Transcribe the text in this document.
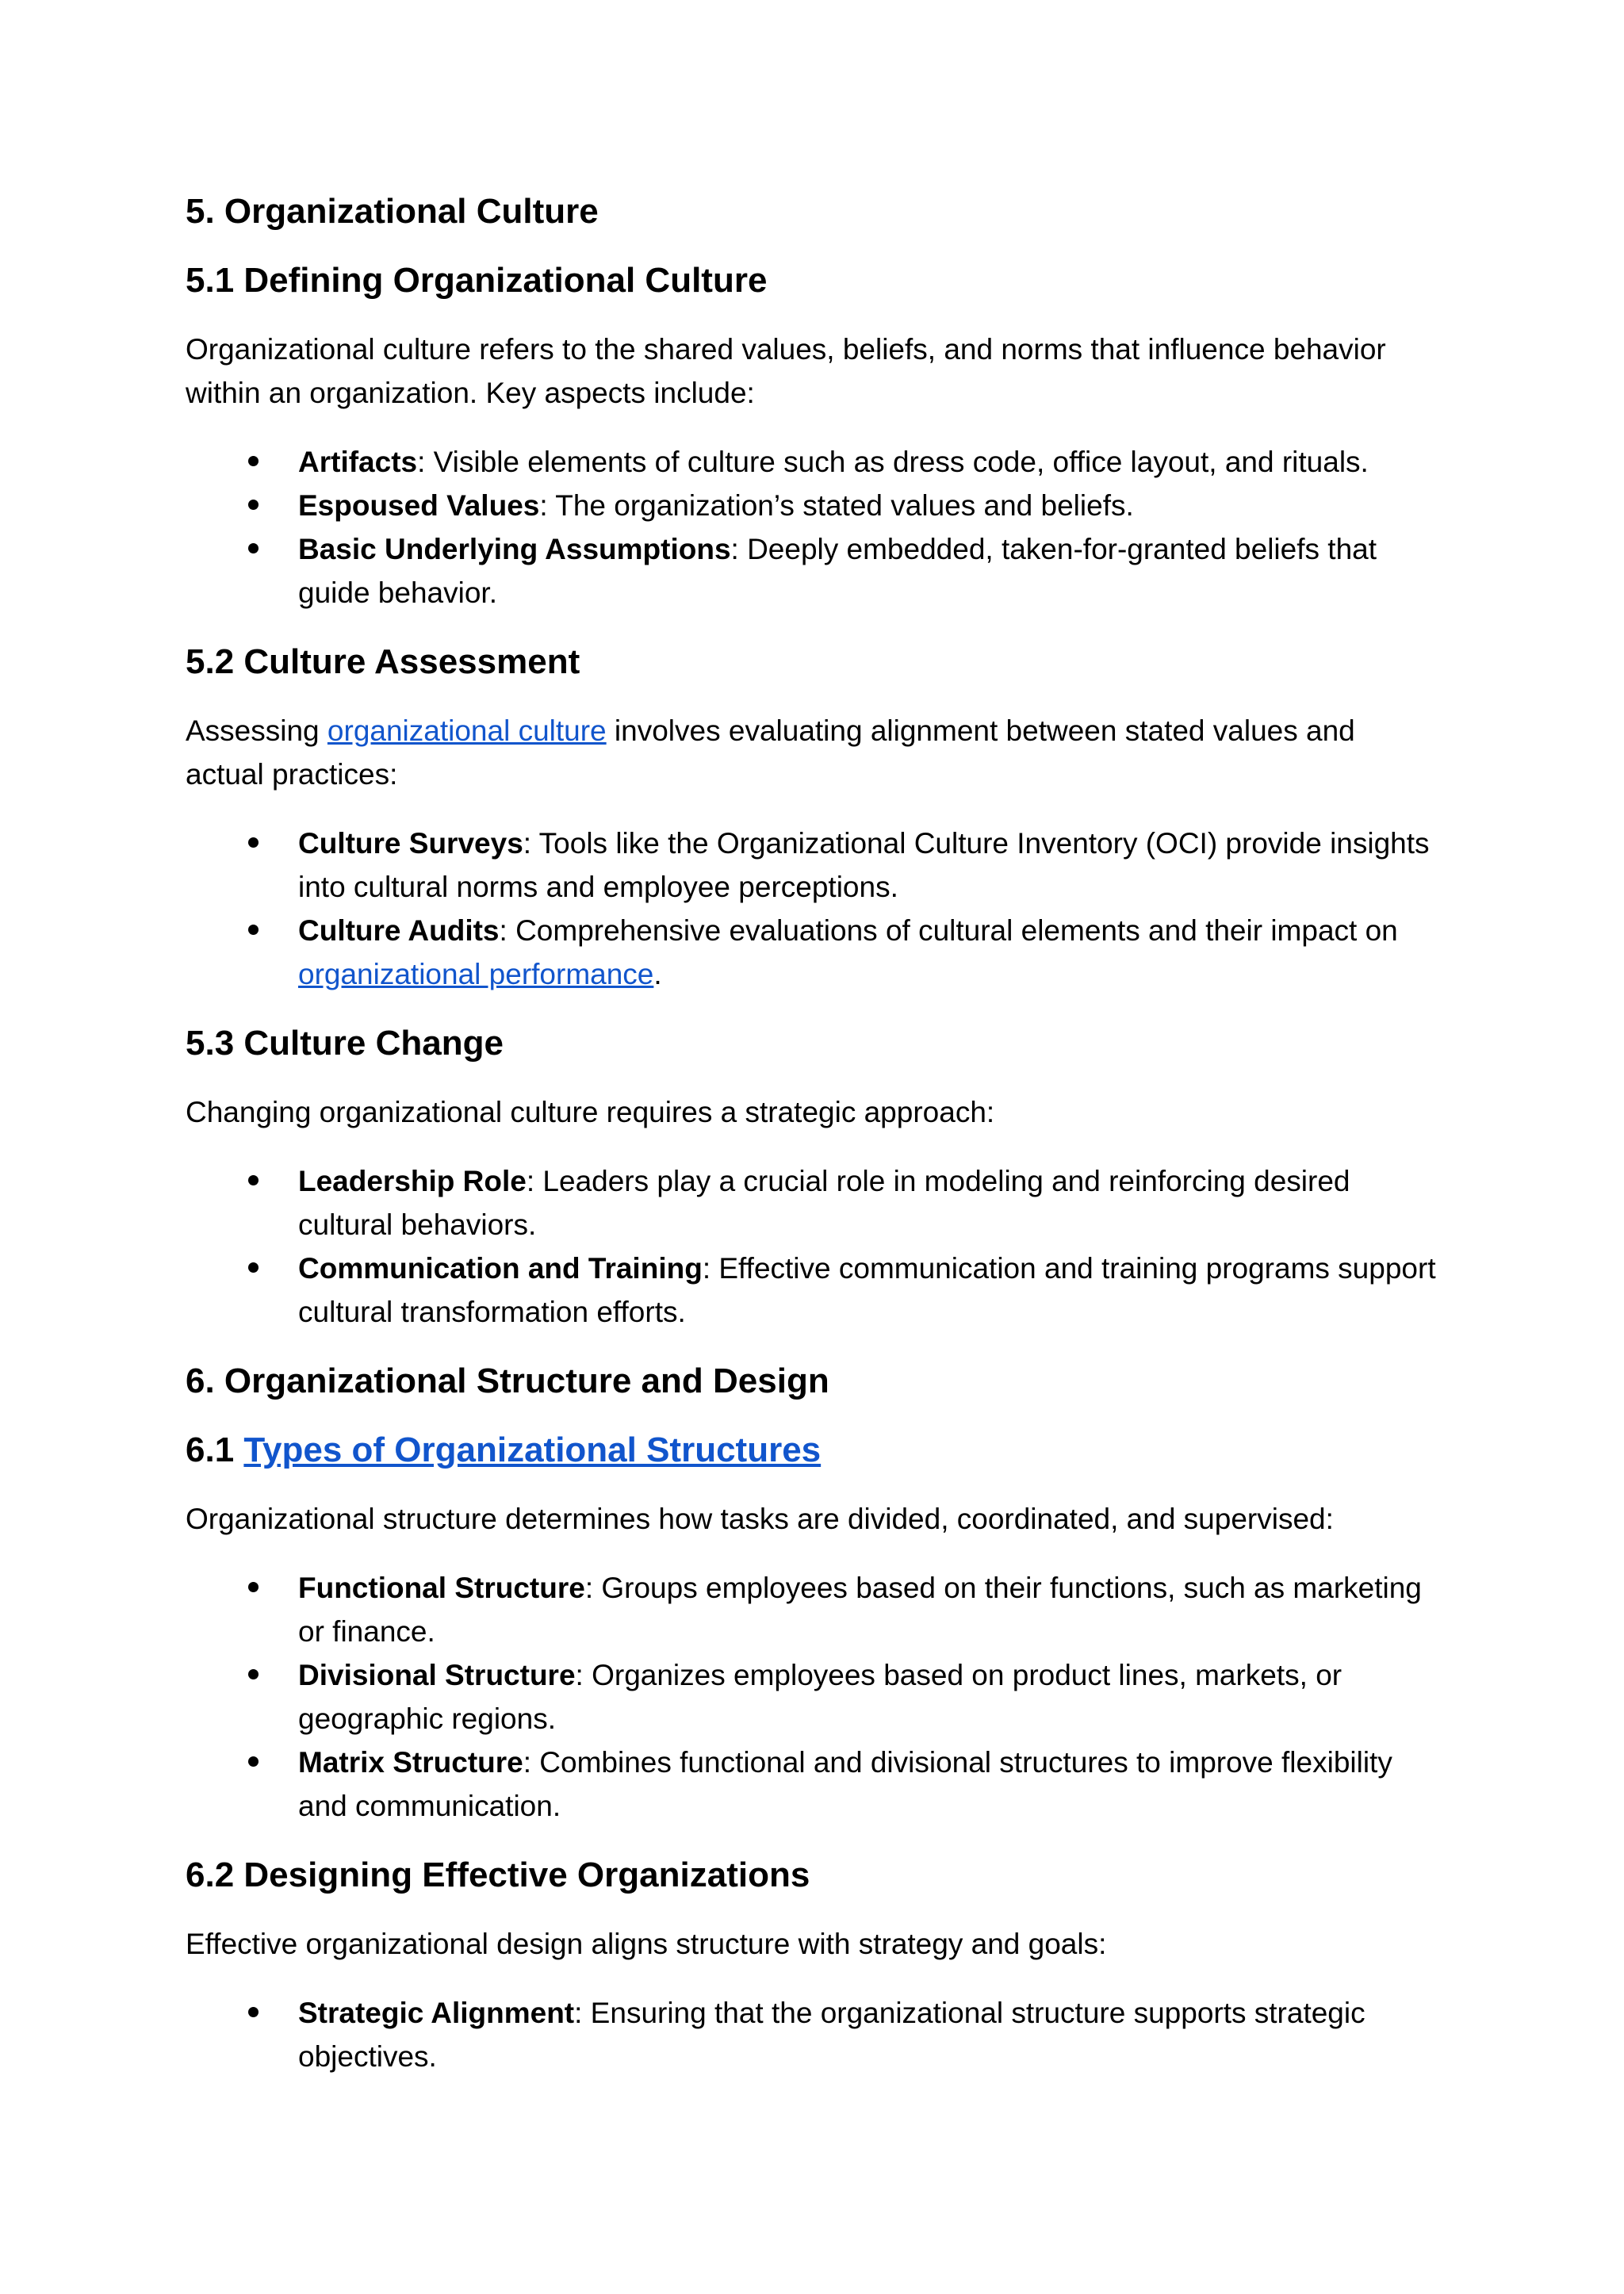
5. Organizational Culture
5.1 Defining Organizational Culture

Organizational culture refers to the shared values, beliefs, and norms that influence behavior within an organization. Key aspects include:

Artifacts: Visible elements of culture such as dress code, office layout, and rituals.
Espoused Values: The organization’s stated values and beliefs.
Basic Underlying Assumptions: Deeply embedded, taken-for-granted beliefs that guide behavior.
5.2 Culture Assessment

Assessing organizational culture involves evaluating alignment between stated values and actual practices:

Culture Surveys: Tools like the Organizational Culture Inventory (OCI) provide insights into cultural norms and employee perceptions.
Culture Audits: Comprehensive evaluations of cultural elements and their impact on organizational performance.
5.3 Culture Change

Changing organizational culture requires a strategic approach:

Leadership Role: Leaders play a crucial role in modeling and reinforcing desired cultural behaviors.
Communication and Training: Effective communication and training programs support cultural transformation efforts.
6. Organizational Structure and Design
6.1 Types of Organizational Structures

Organizational structure determines how tasks are divided, coordinated, and supervised:

Functional Structure: Groups employees based on their functions, such as marketing or finance.
Divisional Structure: Organizes employees based on product lines, markets, or geographic regions.
Matrix Structure: Combines functional and divisional structures to improve flexibility and communication.
6.2 Designing Effective Organizations

Effective organizational design aligns structure with strategy and goals:

Strategic Alignment: Ensuring that the organizational structure supports strategic objectives.
